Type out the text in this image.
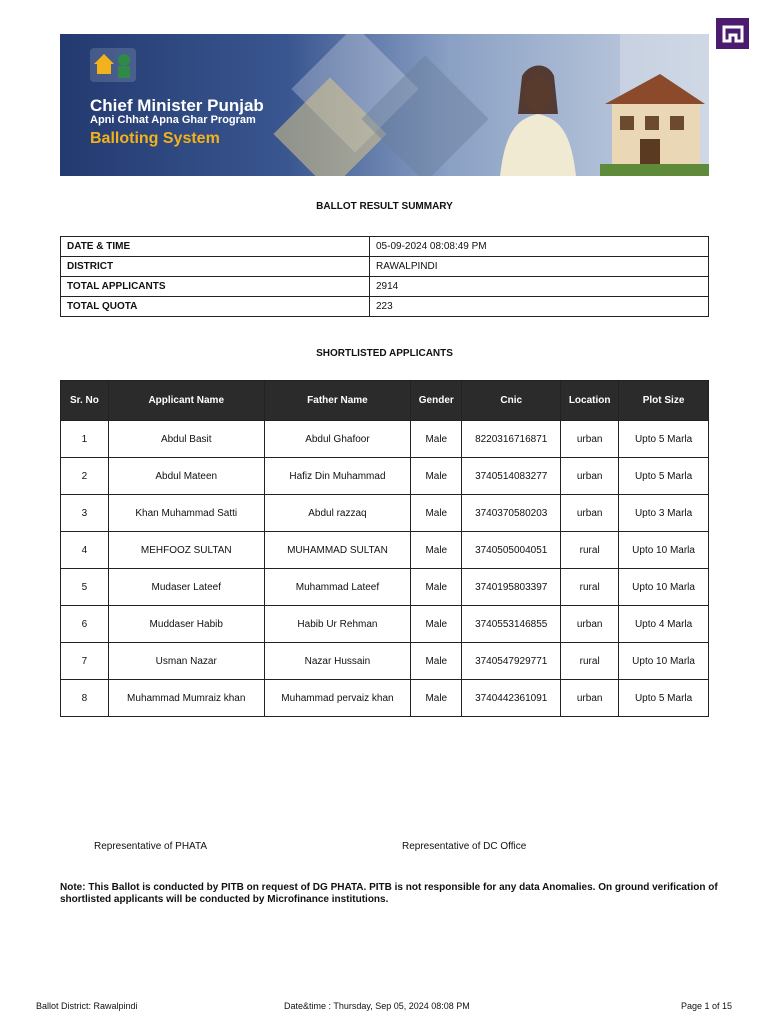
Chief Minister Punjab
Apni Chhat Apna Ghar Program
Balloting System
BALLOT RESULT SUMMARY
DATE & TIME	05-09-2024 08:08:49 PM
DISTRICT	RAWALPINDI
TOTAL APPLICANTS	2914
TOTAL QUOTA	223
SHORTLISTED APPLICANTS
Sr. No	Applicant Name	Father Name	Gender	Cnic	Location	Plot Size
1	Abdul Basit	Abdul Ghafoor	Male	8220316716871	urban	Upto 5 Marla
2	Abdul Mateen	Hafiz Din Muhammad	Male	3740514083277	urban	Upto 5 Marla
3	Khan Muhammad Satti	Abdul razzaq	Male	3740370580203	urban	Upto 3 Marla
4	MEHFOOZ SULTAN	MUHAMMAD SULTAN	Male	3740505004051	rural	Upto 10 Marla
5	Mudaser Lateef	Muhammad Lateef	Male	3740195803397	rural	Upto 10 Marla
6	Muddaser Habib	Habib Ur Rehman	Male	3740553146855	urban	Upto 4 Marla
7	Usman Nazar	Nazar Hussain	Male	3740547929771	rural	Upto 10 Marla
8	Muhammad Mumraiz khan	Muhammad pervaiz khan	Male	3740442361091	urban	Upto 5 Marla
Representative of PHATA	Representative of DC Office
Note: This Ballot is conducted by PITB on request of DG PHATA. PITB is not responsible for any data Anomalies. On ground verification of shortlisted applicants will be conducted by Microfinance institutions.
Ballot District: Rawalpindi	Date&time : Thursday, Sep 05, 2024 08:08 PM	Page 1 of 15
